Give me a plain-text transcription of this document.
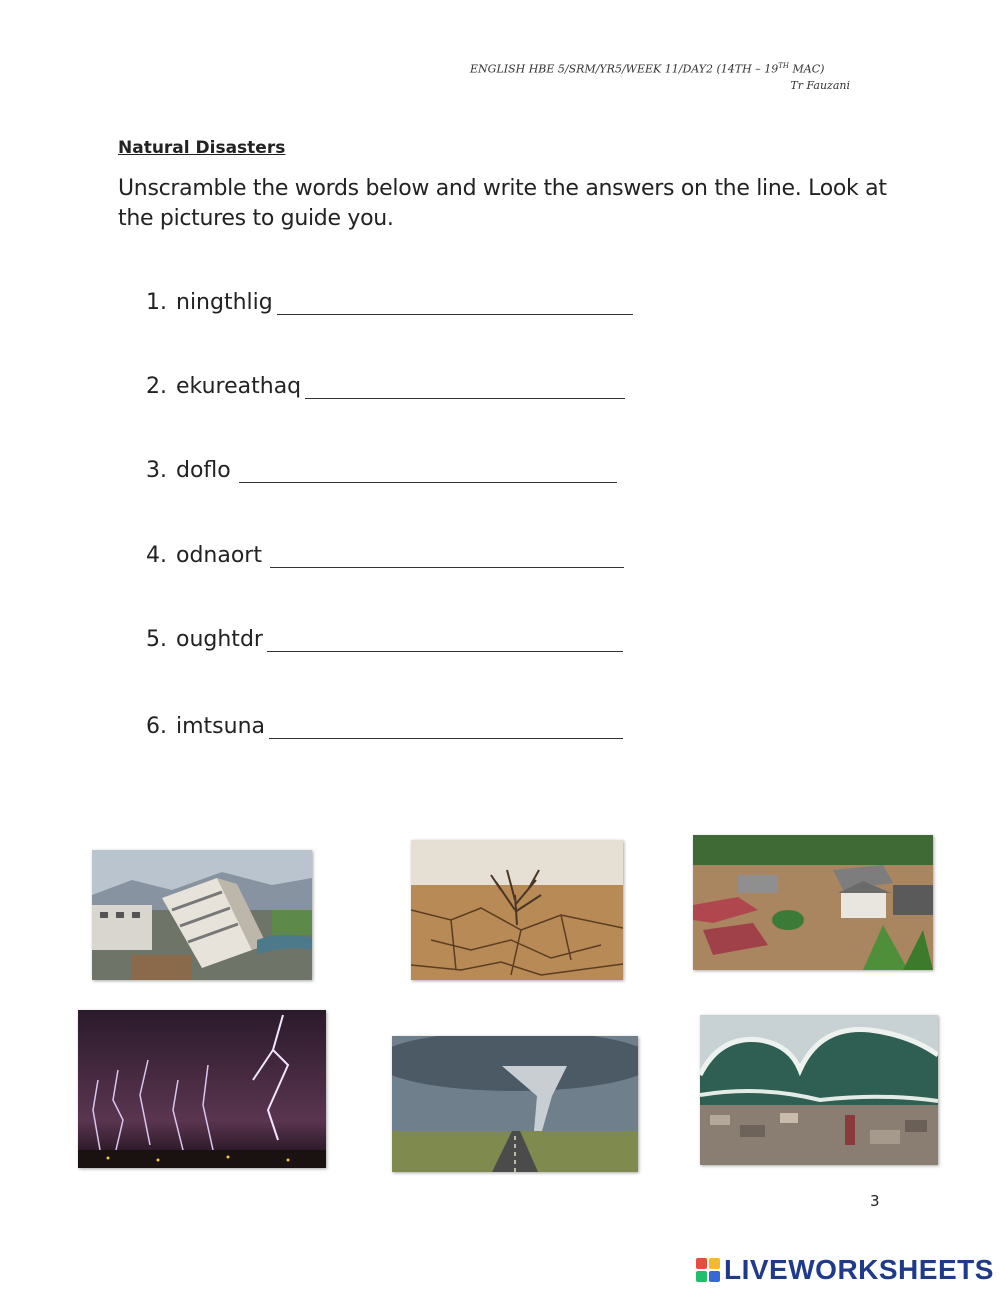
ENGLISH HBE 5/SRM/YR5/WEEK 11/DAY2 (14TH – 19TH MAC)
Tr Fauzani
Natural Disasters
Unscramble the words below and write the answers on the line. Look at the pictures to guide you.
1. ningthlig
2. ekureathaq
3. doflo
4. odnaort
5. oughtdr
6. imtsuna
3
LIVEWORKSHEETS
